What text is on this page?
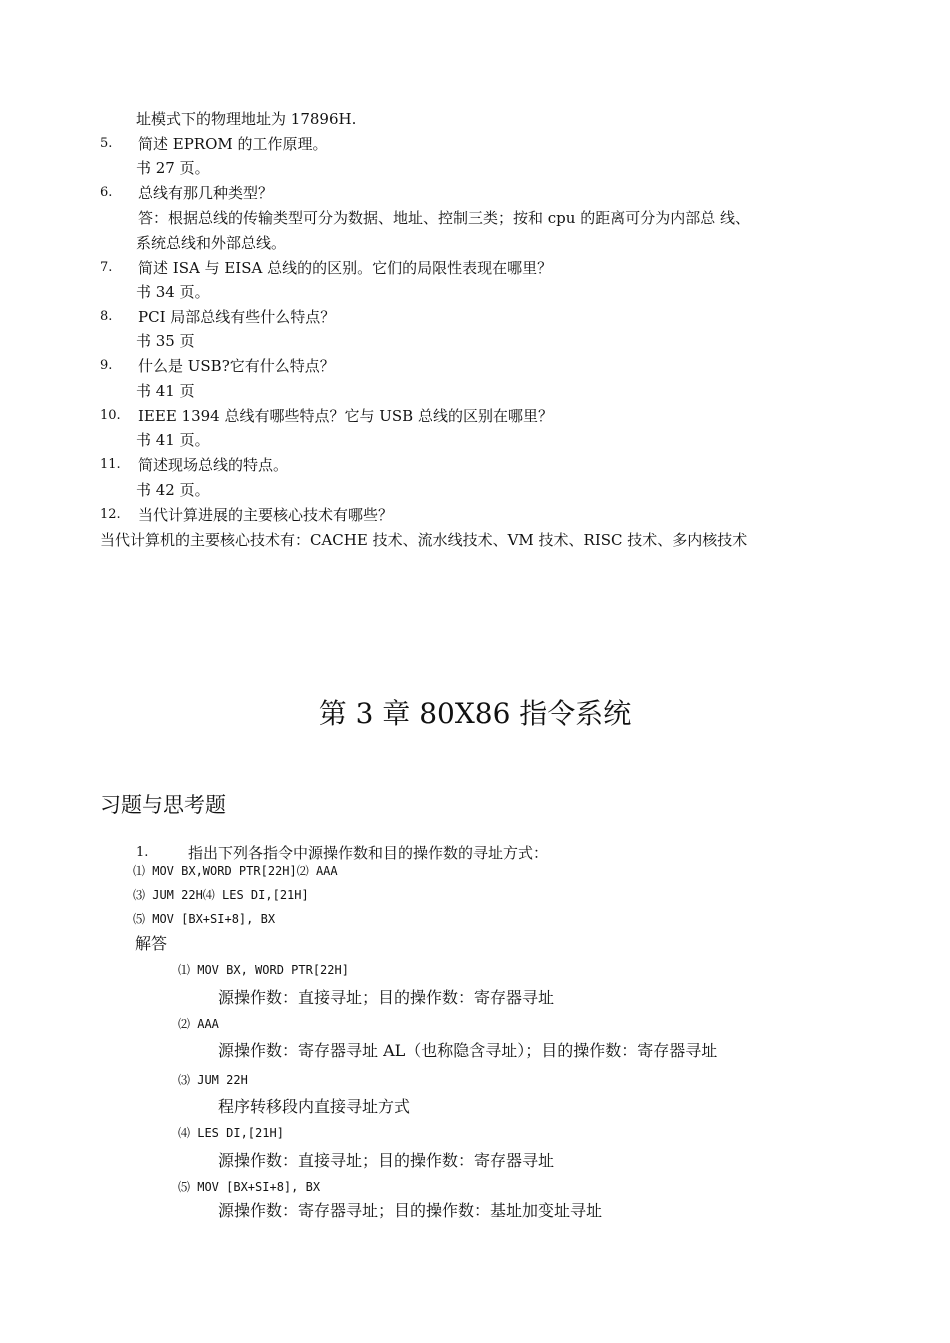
址模式下的物理地址为 17896H.
5. 简述 EPROM 的工作原理。
书 27 页。
6. 总线有那几种类型？
答：根据总线的传输类型可分为数据、地址、控制三类；按和 cpu 的距离可分为内部总 线、
系统总线和外部总线。
7. 简述 ISA 与 EISA 总线的的区别。它们的局限性表现在哪里？
书 34 页。
8. PCI 局部总线有些什么特点？
书 35 页
9. 什么是 USB?它有什么特点？
书 41 页
10. IEEE 1394 总线有哪些特点？它与 USB 总线的区别在哪里？
书 41 页。
11. 简述现场总线的特点。
书 42 页。
12. 当代计算进展的主要核心技术有哪些？
当代计算机的主要核心技术有：CACHE 技术、流水线技术、VM 技术、RISC 技术、多内核技术
第 3 章 80X86 指令系统
习题与思考题
1.	指出下列各指令中源操作数和目的操作数的寻址方式：
⑴ MOV BX,WORD PTR[22H]⑵ AAA
⑶ JUM 22H⑷ LES DI,[21H]
⑸ MOV [BX+SI+8], BX
解答
⑴ MOV BX, WORD PTR[22H]
源操作数：直接寻址；目的操作数：寄存器寻址
⑵ AAA
源操作数：寄存器寻址 AL（也称隐含寻址）；目的操作数：寄存器寻址
⑶ JUM 22H
程序转移段内直接寻址方式
⑷ LES DI,[21H]
源操作数：直接寻址；目的操作数：寄存器寻址
⑸ MOV [BX+SI+8], BX
源操作数：寄存器寻址；目的操作数：基址加变址寻址
